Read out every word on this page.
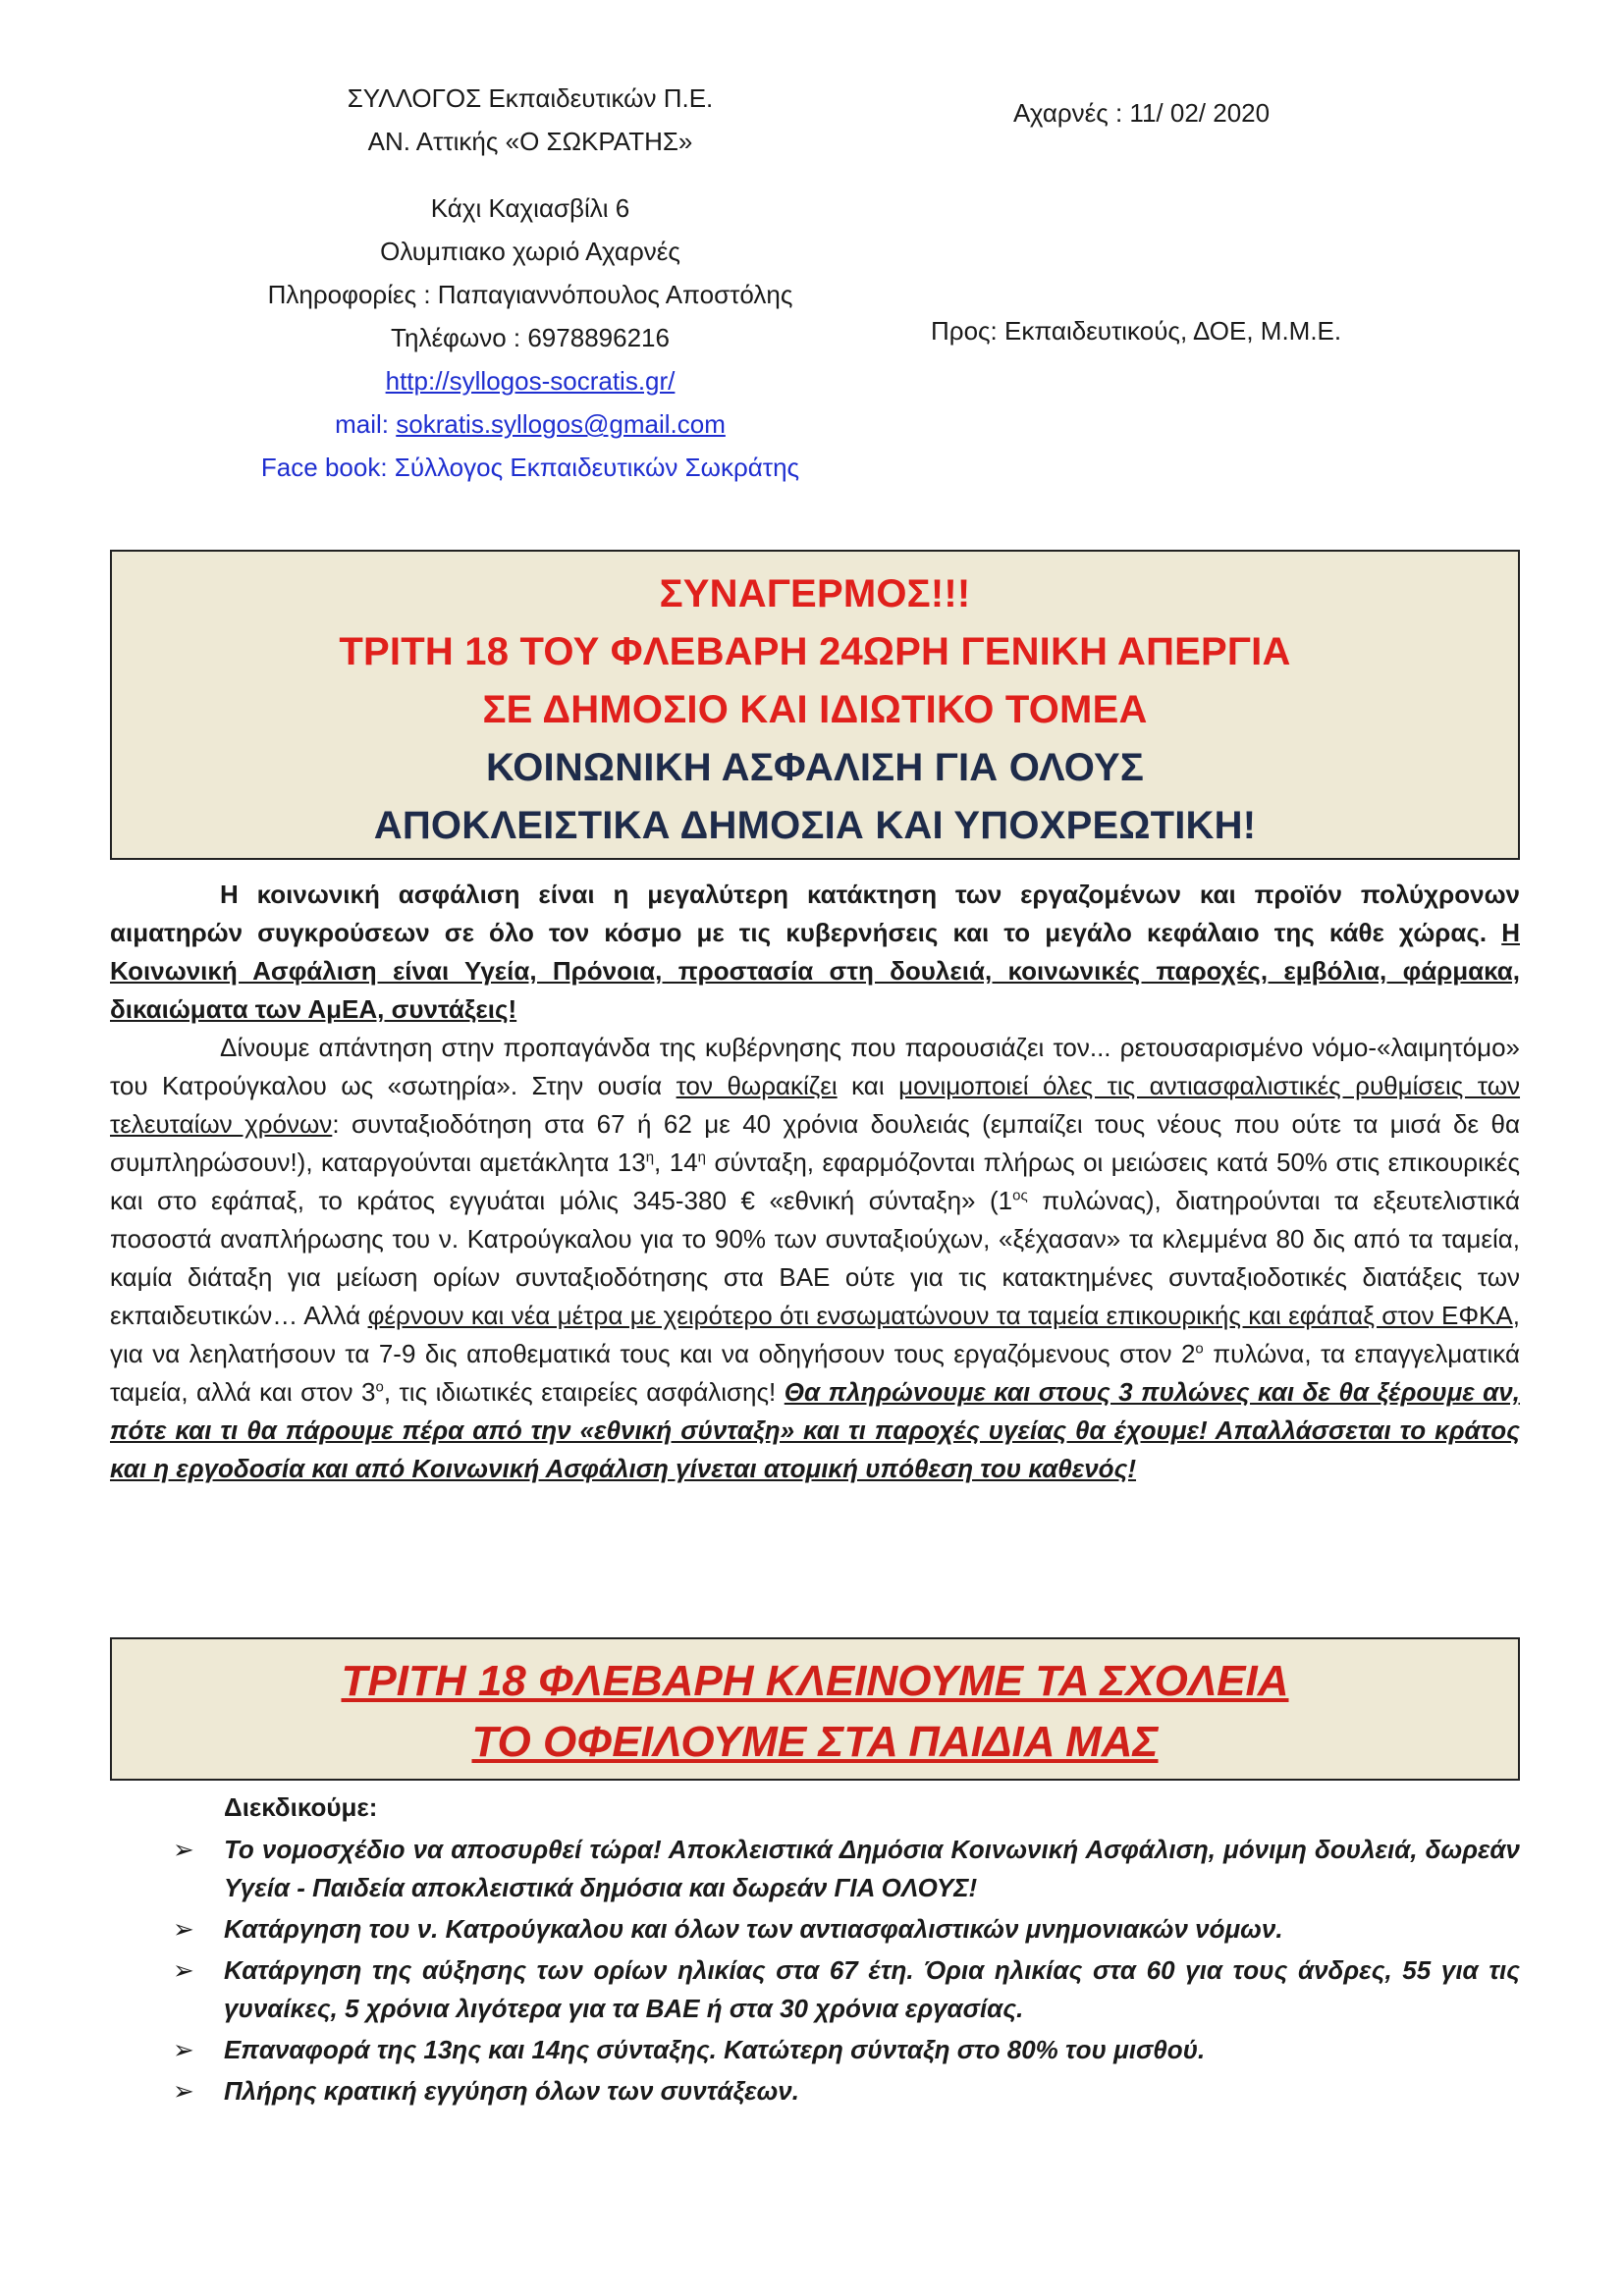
ΣΥΛΛΟΓΟΣ Εκπαιδευτικών Π.Ε.
ΑΝ. Αττικής «Ο ΣΩΚΡΑΤΗΣ»
Κάχι Καχιασβίλι 6
Ολυμπιακο χωριό Αχαρνές
Πληροφορίες : Παπαγιαννόπουλος Αποστόλης
Τηλέφωνο : 6978896216
http://syllogos-socratis.gr/
mail: sokratis.syllogos@gmail.com
Face book: Σύλλογος Εκπαιδευτικών Σωκράτης
Αχαρνές : 11/ 02/ 2020
Προς: Εκπαιδευτικούς, ΔΟΕ, Μ.Μ.Ε.
ΣΥΝΑΓΕΡΜΟΣ!!!
ΤΡΙΤΗ 18 ΤΟΥ ΦΛΕΒΑΡΗ 24ΩΡΗ ΓΕΝΙΚΗ ΑΠΕΡΓΙΑ
ΣΕ ΔΗΜΟΣΙΟ ΚΑΙ ΙΔΙΩΤΙΚΟ ΤΟΜΕΑ
ΚΟΙΝΩΝΙΚΗ ΑΣΦΑΛΙΣΗ ΓΙΑ ΟΛΟΥΣ
ΑΠΟΚΛΕΙΣΤΙΚΑ ΔΗΜΟΣΙΑ ΚΑΙ ΥΠΟΧΡΕΩΤΙΚΗ!

Η κοινωνική ασφάλιση είναι η μεγαλύτερη κατάκτηση των εργαζομένων και προϊόν πολύχρονων αιματηρών συγκρούσεων σε όλο τον κόσμο με τις κυβερνήσεις και το μεγάλο κεφάλαιο της κάθε χώρας. Η Κοινωνική Ασφάλιση είναι Υγεία, Πρόνοια, προστασία στη δουλειά, κοινωνικές παροχές, εμβόλια, φάρμακα, δικαιώματα των ΑμΕΑ, συντάξεις!

Δίνουμε απάντηση στην προπαγάνδα της κυβέρνησης που παρουσιάζει τον... ρετουσαρισμένο νόμο-«λαιμητόμο» του Κατρούγκαλου ως «σωτηρία». Στην ουσία τον θωρακίζει και μονιμοποιεί όλες τις αντιασφαλιστικές ρυθμίσεις των τελευταίων χρόνων: συνταξιοδότηση στα 67 ή 62 με 40 χρόνια δουλειάς (εμπαίζει τους νέους που ούτε τα μισά δε θα συμπληρώσουν!), καταργούνται αμετάκλητα $13^\eta$, $14^\eta$ σύνταξη, εφαρμόζονται πλήρως οι μειώσεις κατά 50% στις επικουρικές και στο εφάπαξ, το κράτος εγγυάται μόλις 345-380 € «εθνική σύνταξη» ($1^{o\varsigma}$ πυλώνας), διατηρούνται τα εξευτελιστικά ποσοστά αναπλήρωσης του ν. Κατρούγκαλου για το 90% των συνταξιούχων, «ξέχασαν» τα κλεμμένα 80 δις από τα ταμεία, καμία διάταξη για μείωση ορίων συνταξιοδότησης στα ΒΑΕ ούτε για τις κατακτημένες συνταξιοδοτικές διατάξεις των εκπαιδευτικών… Αλλά φέρνουν και νέα μέτρα με χειρότερο ότι ενσωματώνουν τα ταμεία επικουρικής και εφάπαξ στον ΕΦΚΑ, για να λεηλατήσουν τα 7-9 δις αποθεματικά τους και να οδηγήσουν τους εργαζόμενους στον $2^o$ πυλώνα, τα επαγγελματικά ταμεία, αλλά και στον $3^o$, τις ιδιωτικές εταιρείες ασφάλισης! Θα πληρώνουμε και στους 3 πυλώνες και δε θα ξέρουμε αν, πότε και τι θα πάρουμε πέρα από την «εθνική σύνταξη» και τι παροχές υγείας θα έχουμε! Απαλλάσσεται το κράτος και η εργοδοσία και από Κοινωνική Ασφάλιση γίνεται ατομική υπόθεση του καθενός!

ΤΡΙΤΗ 18 ΦΛΕΒΑΡΗ ΚΛΕΙΝΟΥΜΕ ΤΑ ΣΧΟΛΕΙΑ
ΤΟ ΟΦΕΙΛΟΥΜΕ ΣΤΑ ΠΑΙΔΙΑ ΜΑΣ
Διεκδικούμε:
➢ Το νομοσχέδιο να αποσυρθεί τώρα! Αποκλειστικά Δημόσια Κοινωνική Ασφάλιση, μόνιμη δουλειά, δωρεάν Υγεία - Παιδεία αποκλειστικά δημόσια και δωρεάν ΓΙΑ ΟΛΟΥΣ!
➢ Κατάργηση του ν. Κατρούγκαλου και όλων των αντιασφαλιστικών μνημονιακών νόμων.
➢ Κατάργηση της αύξησης των ορίων ηλικίας στα 67 έτη. Όρια ηλικίας στα 60 για τους άνδρες, 55 για τις γυναίκες, 5 χρόνια λιγότερα για τα ΒΑΕ ή στα 30 χρόνια εργασίας.
➢ Επαναφορά της 13ης και 14ης σύνταξης. Κατώτερη σύνταξη στο 80% του μισθού.
➢ Πλήρης κρατική εγγύηση όλων των συντάξεων.
